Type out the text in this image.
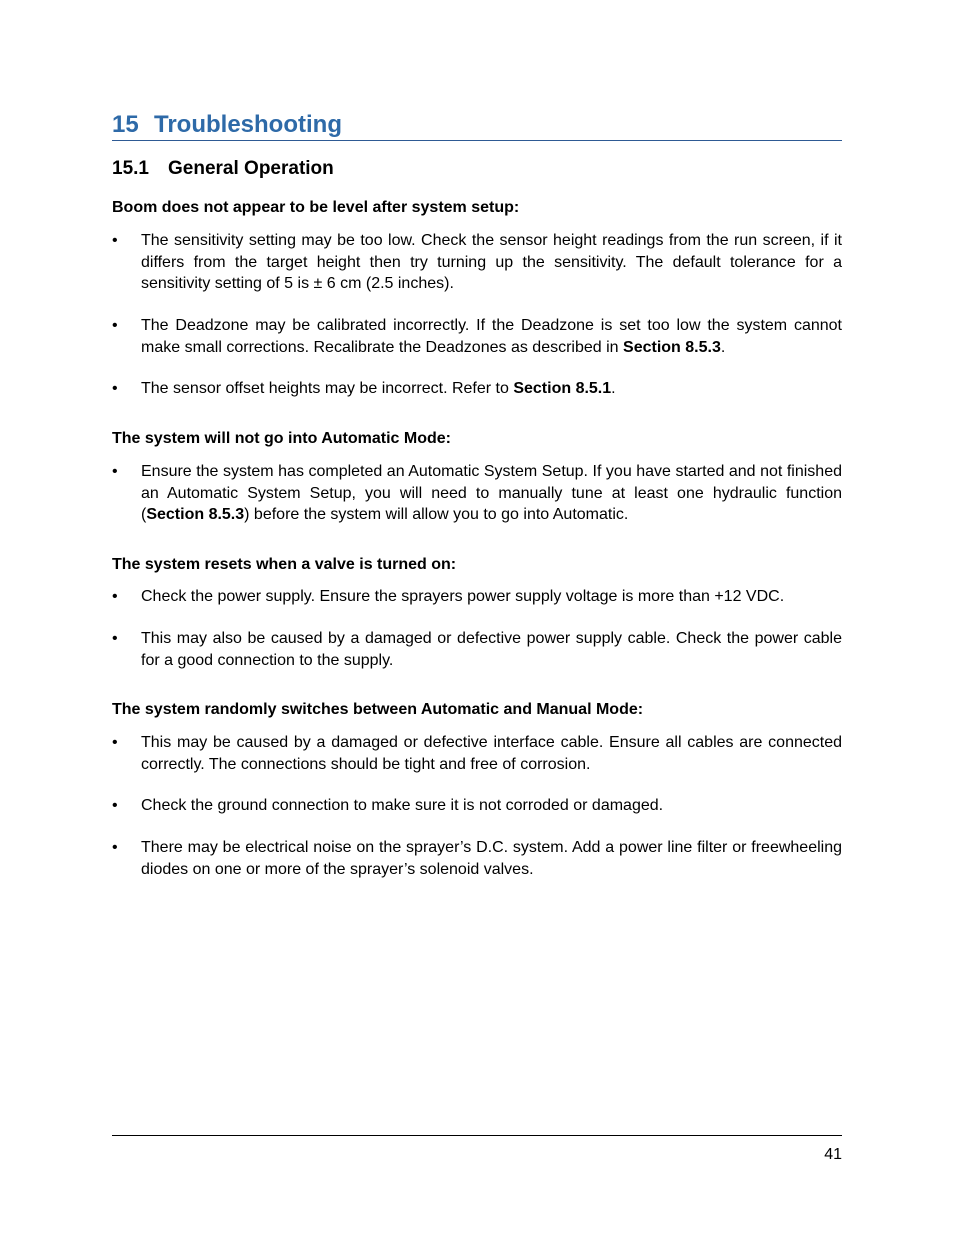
15 Troubleshooting
15.1 General Operation
Boom does not appear to be level after system setup:
•	The sensitivity setting may be too low. Check the sensor height readings from the run screen, if it differs from the target height then try turning up the sensitivity. The default tolerance for a sensitivity setting of 5 is ± 6 cm (2.5 inches).
•	The Deadzone may be calibrated incorrectly. If the Deadzone is set too low the system cannot make small corrections. Recalibrate the Deadzones as described in Section 8.5.3.
•	The sensor offset heights may be incorrect. Refer to Section 8.5.1.
The system will not go into Automatic Mode:
•	Ensure the system has completed an Automatic System Setup. If you have started and not finished an Automatic System Setup, you will need to manually tune at least one hydraulic function (Section 8.5.3) before the system will allow you to go into Automatic.
The system resets when a valve is turned on:
•	Check the power supply. Ensure the sprayers power supply voltage is more than +12 VDC.
•	This may also be caused by a damaged or defective power supply cable. Check the power cable for a good connection to the supply.
The system randomly switches between Automatic and Manual Mode:
•	This may be caused by a damaged or defective interface cable. Ensure all cables are connected correctly. The connections should be tight and free of corrosion.
•	Check the ground connection to make sure it is not corroded or damaged.
•	There may be electrical noise on the sprayer’s D.C. system. Add a power line filter or freewheeling diodes on one or more of the sprayer’s solenoid valves.
41
